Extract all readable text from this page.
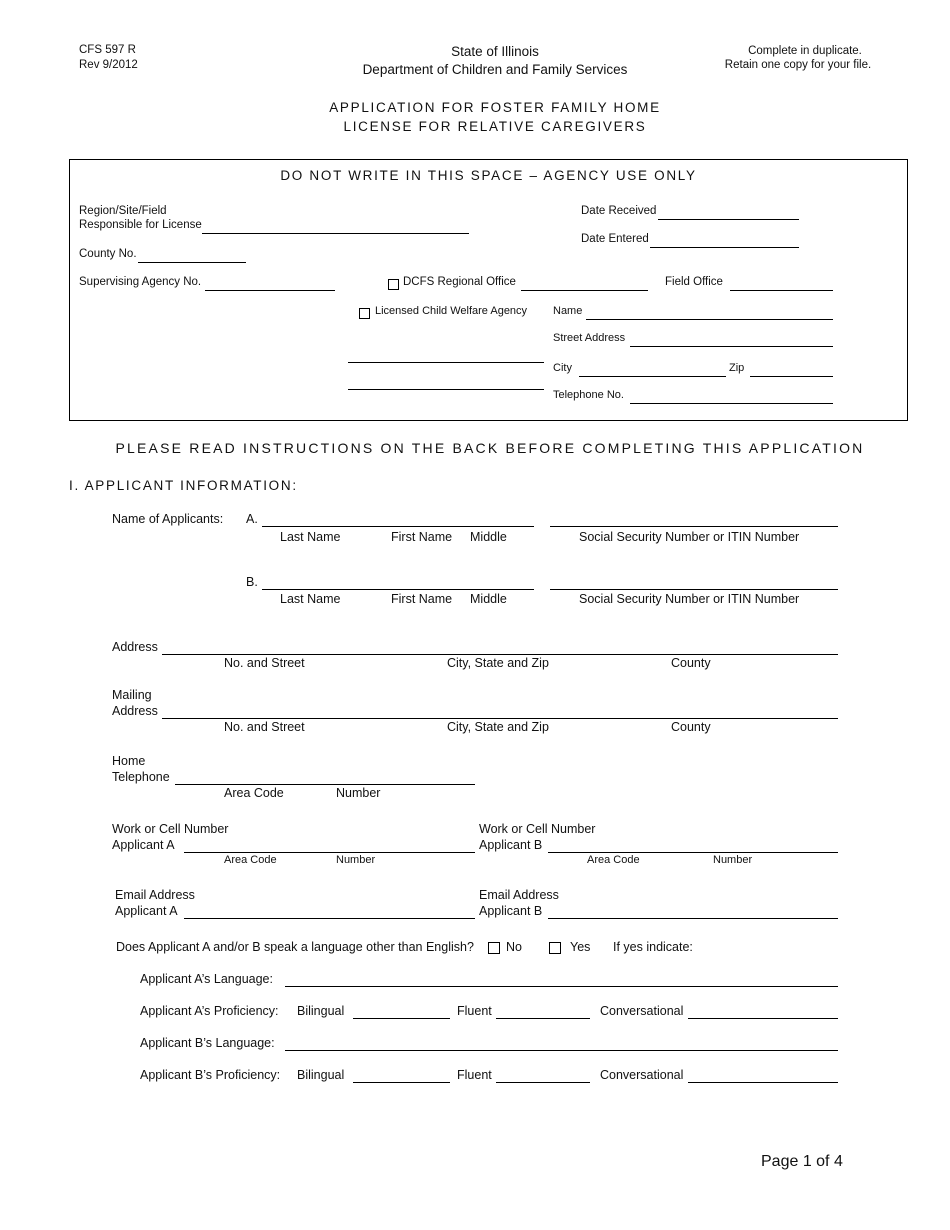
CFS 597 R
Rev 9/2012
State of Illinois
Department of Children and Family Services
Complete in duplicate.
Retain one copy for your file.
APPLICATION FOR FOSTER FAMILY HOME
LICENSE FOR RELATIVE CAREGIVERS
DO NOT WRITE IN THIS SPACE – AGENCY USE ONLY
Region/Site/Field
Responsible for License
County No.
Supervising Agency No.
Date Received
Date Entered
DCFS Regional Office	Field Office
Licensed Child Welfare Agency Name
Street Address
City	Zip
Telephone No.
PLEASE READ INSTRUCTIONS ON THE BACK BEFORE COMPLETING THIS APPLICATION
I. APPLICANT INFORMATION:
Name of Applicants: A.
Last Name	First Name Middle	Social Security Number or ITIN Number
B.
Last Name	First Name Middle	Social Security Number or ITIN Number
Address
No. and Street	City, State and Zip	County
Mailing
Address
No. and Street	City, State and Zip	County
Home
Telephone
Area Code	Number
Work or Cell Number
Applicant A
Area Code	Number
Work or Cell Number
Applicant B
Area Code	Number
Email Address
Applicant A
Email Address
Applicant B
Does Applicant A and/or B speak a language other than English?	No	Yes If yes indicate:
Applicant A’s Language:
Applicant A’s Proficiency: Bilingual	Fluent	Conversational
Applicant B’s Language:
Applicant B’s Proficiency: Bilingual	Fluent	Conversational
Page 1 of 4
